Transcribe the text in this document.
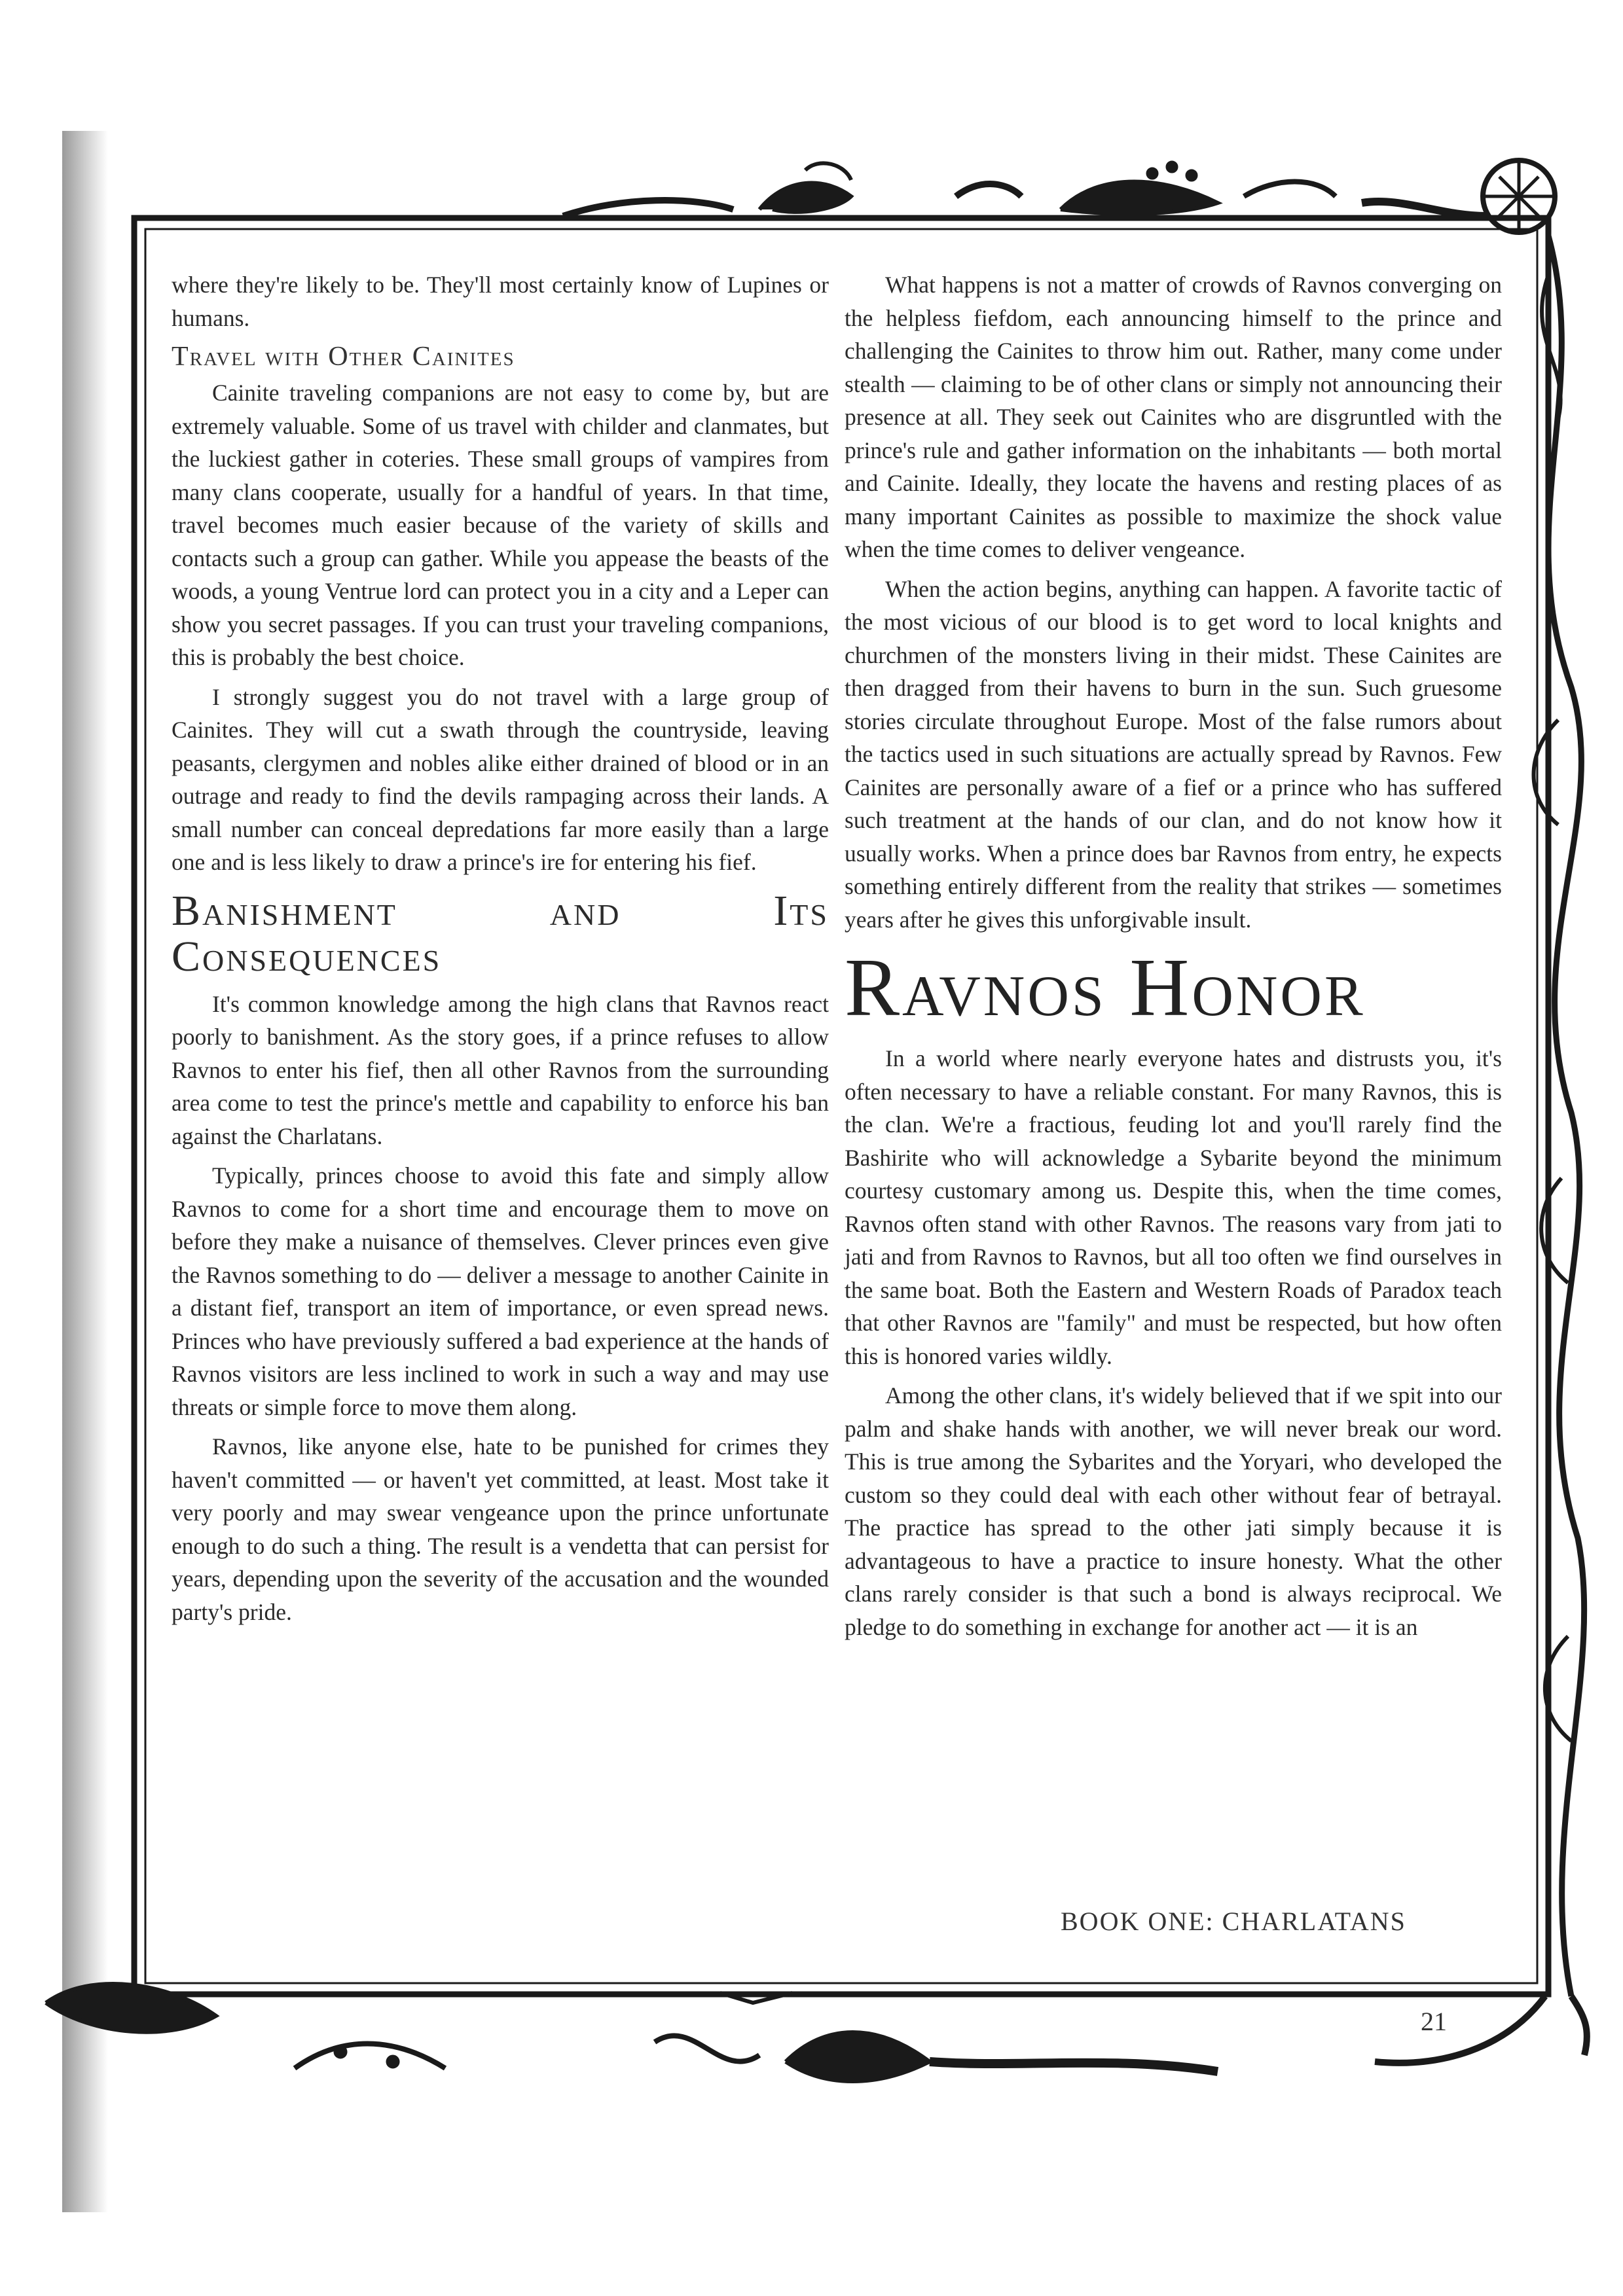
where they're likely to be. They'll most certainly know of Lupines or humans.

Travel with Other Cainites

Cainite traveling companions are not easy to come by, but are extremely valuable. Some of us travel with childer and clanmates, but the luckiest gather in coteries. These small groups of vampires from many clans cooperate, usually for a handful of years. In that time, travel becomes much easier because of the variety of skills and contacts such a group can gather. While you appease the beasts of the woods, a young Ventrue lord can protect you in a city and a Leper can show you secret passages. If you can trust your traveling companions, this is probably the best choice.

I strongly suggest you do not travel with a large group of Cainites. They will cut a swath through the countryside, leaving peasants, clergymen and nobles alike either drained of blood or in an outrage and ready to find the devils rampaging across their lands. A small number can conceal depredations far more easily than a large one and is less likely to draw a prince's ire for entering his fief.

Banishment and Its Consequences

It's common knowledge among the high clans that Ravnos react poorly to banishment. As the story goes, if a prince refuses to allow Ravnos to enter his fief, then all other Ravnos from the surrounding area come to test the prince's mettle and capability to enforce his ban against the Charlatans.

Typically, princes choose to avoid this fate and simply allow Ravnos to come for a short time and encourage them to move on before they make a nuisance of themselves. Clever princes even give the Ravnos something to do — deliver a message to another Cainite in a distant fief, transport an item of importance, or even spread news. Princes who have previously suffered a bad experience at the hands of Ravnos visitors are less inclined to work in such a way and may use threats or simple force to move them along.

Ravnos, like anyone else, hate to be punished for crimes they haven't committed — or haven't yet committed, at least. Most take it very poorly and may swear vengeance upon the prince unfortunate enough to do such a thing. The result is a vendetta that can persist for years, depending upon the severity of the accusation and the wounded party's pride.

What happens is not a matter of crowds of Ravnos converging on the helpless fiefdom, each announcing himself to the prince and challenging the Cainites to throw him out. Rather, many come under stealth — claiming to be of other clans or simply not announcing their presence at all. They seek out Cainites who are disgruntled with the prince's rule and gather information on the inhabitants — both mortal and Cainite. Ideally, they locate the havens and resting places of as many important Cainites as possible to maximize the shock value when the time comes to deliver vengeance.

When the action begins, anything can happen. A favorite tactic of the most vicious of our blood is to get word to local knights and churchmen of the monsters living in their midst. These Cainites are then dragged from their havens to burn in the sun. Such gruesome stories circulate throughout Europe. Most of the false rumors about the tactics used in such situations are actually spread by Ravnos. Few Cainites are personally aware of a fief or a prince who has suffered such treatment at the hands of our clan, and do not know how it usually works. When a prince does bar Ravnos from entry, he expects something entirely different from the reality that strikes — sometimes years after he gives this unforgivable insult.

Ravnos Honor

In a world where nearly everyone hates and distrusts you, it's often necessary to have a reliable constant. For many Ravnos, this is the clan. We're a fractious, feuding lot and you'll rarely find the Bashirite who will acknowledge a Sybarite beyond the minimum courtesy customary among us. Despite this, when the time comes, Ravnos often stand with other Ravnos. The reasons vary from jati to jati and from Ravnos to Ravnos, but all too often we find ourselves in the same boat. Both the Eastern and Western Roads of Paradox teach that other Ravnos are "family" and must be respected, but how often this is honored varies wildly.

Among the other clans, it's widely believed that if we spit into our palm and shake hands with another, we will never break our word. This is true among the Sybarites and the Yoryari, who developed the custom so they could deal with each other without fear of betrayal. The practice has spread to the other jati simply because it is advantageous to have a practice to insure honesty. What the other clans rarely consider is that such a bond is always reciprocal. We pledge to do something in exchange for another act — it is an

BOOK ONE: CHARLATANS
21
